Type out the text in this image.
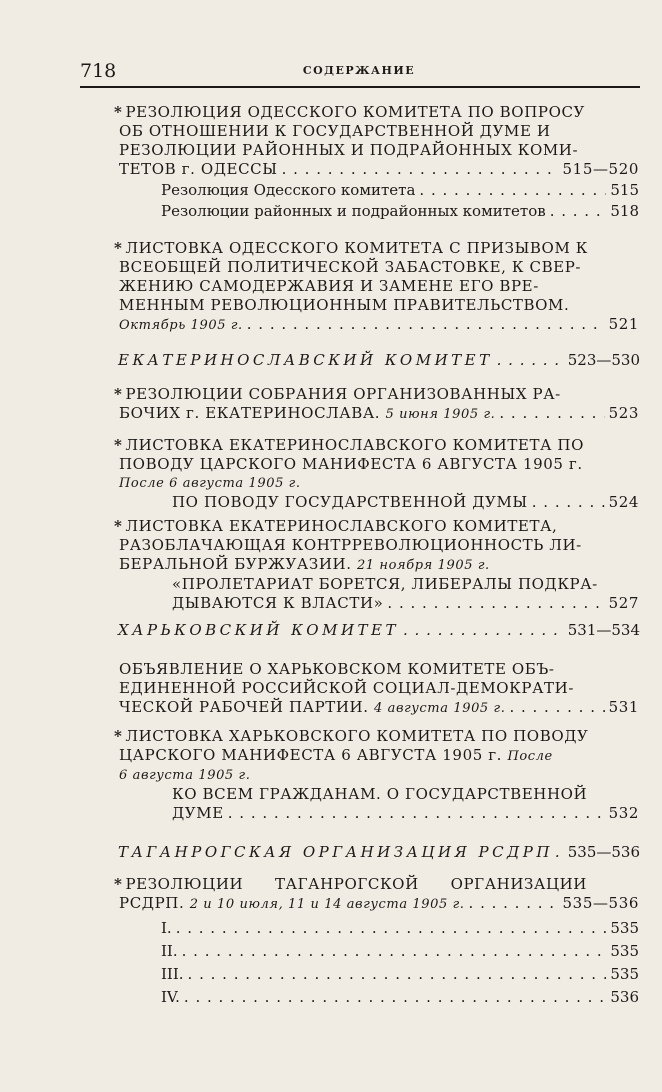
718	СОДЕРЖАНИЕ

* РЕЗОЛЮЦИЯ ОДЕССКОГО КОМИТЕТА ПО ВОПРОСУ

ОБ ОТНОШЕНИИ К ГОСУДАРСТВЕННОЙ ДУМЕ И

РЕЗОЛЮЦИИ РАЙОННЫХ И ПОДРАЙОННЫХ КОМИ-

ТЕТОВ г. ОДЕССЫ . . .	515—520

Резолюция Одесского комитета . . .	515

Резолюции районных и подрайонных комитетов . . .	518

* ЛИСТОВКА ОДЕССКОГО КОМИТЕТА С ПРИЗЫВОМ К

ВСЕОБЩЕЙ ПОЛИТИЧЕСКОЙ ЗАБАСТОВКЕ, К СВЕР-

ЖЕНИЮ САМОДЕРЖАВИЯ И ЗАМЕНЕ ЕГО ВРЕ-

МЕННЫМ РЕВОЛЮЦИОННЫМ ПРАВИТЕЛЬСТВОМ.

Октябрь 1905 г. . . .	521

ЕКАТЕРИНОСЛАВСКИЙ КОМИТЕТ . . .	523—530

* РЕЗОЛЮЦИИ СОБРАНИЯ ОРГАНИЗОВАННЫХ РА-

БОЧИХ г. ЕКАТЕРИНОСЛАВА. 5 июня 1905 г. . . .	523

* ЛИСТОВКА ЕКАТЕРИНОСЛАВСКОГО КОМИТЕТА ПО

ПОВОДУ ЦАРСКОГО МАНИФЕСТА 6 АВГУСТА 1905 г.

После 6 августа 1905 г.

ПО ПОВОДУ ГОСУДАРСТВЕННОЙ ДУМЫ . . .	524

* ЛИСТОВКА ЕКАТЕРИНОСЛАВСКОГО КОМИТЕТА,

РАЗОБЛАЧАЮЩАЯ КОНТРРЕВОЛЮЦИОННОСТЬ ЛИ-

БЕРАЛЬНОЙ БУРЖУАЗИИ. 21 ноября 1905 г.

«ПРОЛЕТАРИАТ БОРЕТСЯ, ЛИБЕРАЛЫ ПОДКРА-

ДЫВАЮТСЯ К ВЛАСТИ» . . .	527

ХАРЬКОВСКИЙ КОМИТЕТ . . .	531—534

ОБЪЯВЛЕНИЕ О ХАРЬКОВСКОМ КОМИТЕТЕ ОБЪ-

ЕДИНЕННОЙ РОССИЙСКОЙ СОЦИАЛ-ДЕМОКРАТИ-

ЧЕСКОЙ РАБОЧЕЙ ПАРТИИ. 4 августа 1905 г. . . .	531

* ЛИСТОВКА ХАРЬКОВСКОГО КОМИТЕТА ПО ПОВОДУ

ЦАРСКОГО МАНИФЕСТА 6 АВГУСТА 1905 г. После

6 августа 1905 г.

КО ВСЕМ ГРАЖДАНАМ. О ГОСУДАРСТВЕННОЙ

ДУМЕ . . .	532

ТАГАНРОГСКАЯ ОРГАНИЗАЦИЯ РСДРП . . . 535—536

* РЕЗОЛЮЦИИ ТАГАНРОГСКОЙ ОРГАНИЗАЦИИ

РСДРП. 2 и 10 июля, 11 и 14 августа 1905 г. . . .	535—536

I. . . .	535

II. . . .	535

III. . . .	535

IV. . . .	536
